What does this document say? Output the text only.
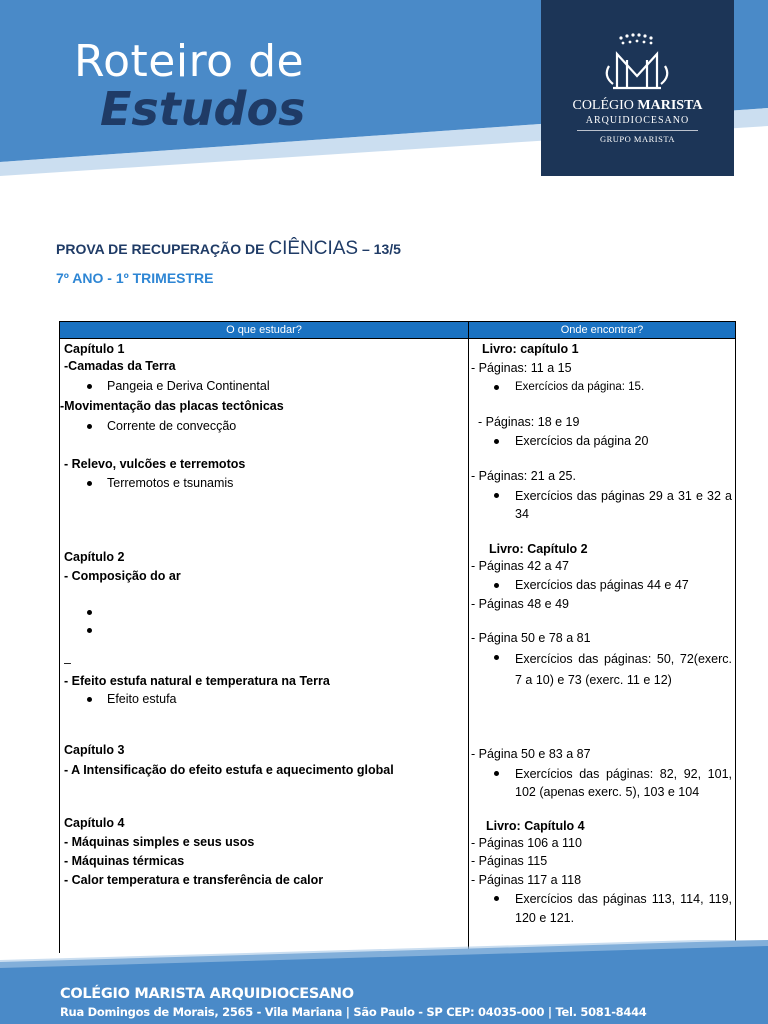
Roteiro de
Estudos	COLÉGIO MARISTA
ARQUIDIOCESANO
GRUPO MARISTA
PROVA DE RECUPERAÇÃO DE CIÊNCIAS – 13/5
7º ANO - 1º TRIMESTRE
O que estudar?	Onde encontrar?
Capítulo 1
-Camadas da Terra
Pangeia e Deriva Continental
-Movimentação das placas tectônicas
Corrente de convecção
- Relevo, vulcões e terremotos
Terremotos e tsunamis
Capítulo 2
- Composição do ar
–
- Efeito estufa natural e temperatura na Terra
Efeito estufa
Capítulo 3
- A Intensificação do efeito estufa e aquecimento global
Capítulo 4
- Máquinas simples e seus usos
- Máquinas térmicas
- Calor temperatura e transferência de calor
Livro: capítulo 1
- Páginas: 11 a 15
Exercícios da página: 15.
- Páginas: 18 e 19
Exercícios da página 20
- Páginas: 21 a 25.
Exercícios das páginas 29 a 31 e 32 a 34
Livro: Capítulo 2
- Páginas 42 a 47
Exercícios das páginas 44 e 47
- Páginas 48 e 49
- Página 50 e 78 a 81
Exercícios das páginas: 50, 72(exerc. 7 a 10) e 73 (exerc. 11 e 12)
- Página 50 e 83 a 87
Exercícios das páginas: 82, 92, 101, 102 (apenas exerc. 5), 103 e 104
Livro: Capítulo 4
- Páginas 106 a 110
- Páginas 115
- Páginas 117 a 118
Exercícios das páginas 113, 114, 119, 120 e 121.
COLÉGIO MARISTA ARQUIDIOCESANO
Rua Domingos de Morais, 2565 - Vila Mariana | São Paulo - SP CEP: 04035-000 | Tel. 5081-8444
